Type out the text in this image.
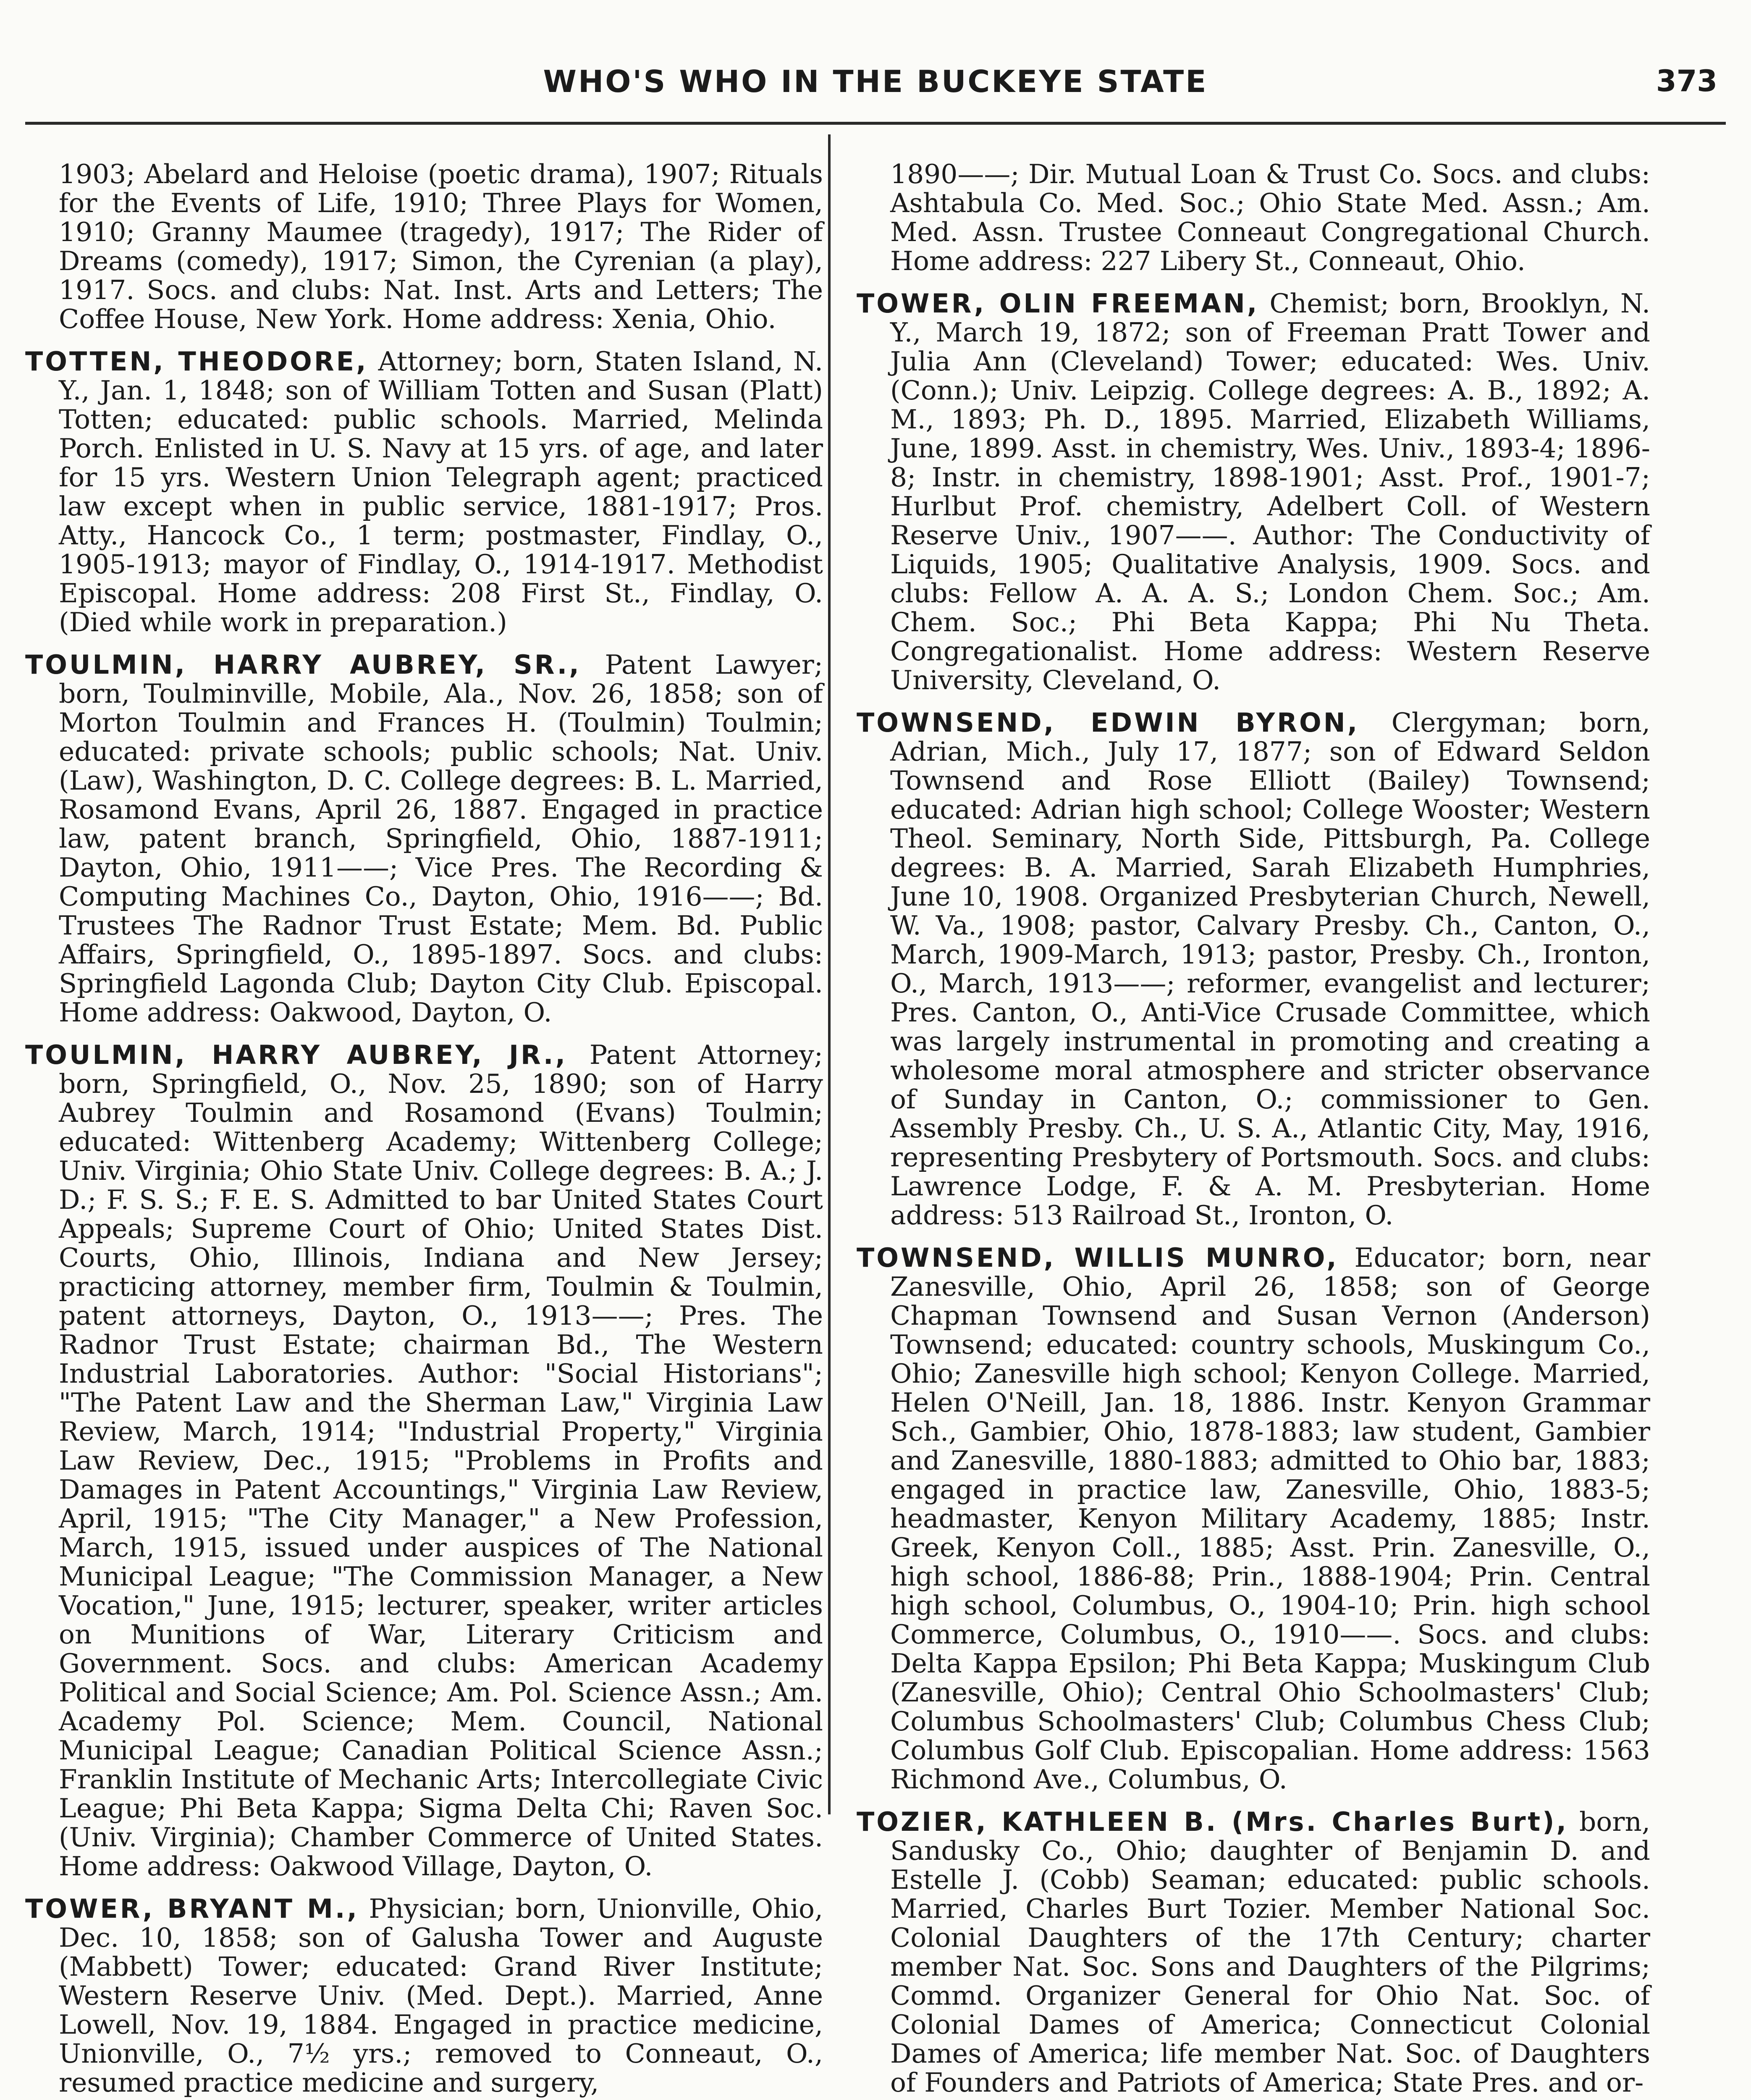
WHO'S WHO IN THE BUCKEYE STATE	373

1903; Abelard and Heloise (poetic drama), 1907; Rituals for the Events of Life, 1910; Three Plays for Women, 1910; Granny Maumee (tragedy), 1917; The Rider of Dreams (comedy), 1917; Simon, the Cyrenian (a play), 1917. Socs. and clubs: Nat. Inst. Arts and Letters; The Coffee House, New York. Home address: Xenia, Ohio.

TOTTEN, THEODORE, Attorney; born, Staten Island, N. Y., Jan. 1, 1848; son of William Totten and Susan (Platt) Totten; educated: public schools. Married, Melinda Porch. Enlisted in U. S. Navy at 15 yrs. of age, and later for 15 yrs. Western Union Telegraph agent; practiced law except when in public service, 1881-1917; Pros. Atty., Hancock Co., 1 term; postmaster, Findlay, O., 1905-1913; mayor of Findlay, O., 1914-1917. Methodist Episcopal. Home address: 208 First St., Findlay, O. (Died while work in preparation.)

TOULMIN, HARRY AUBREY, SR., Patent Lawyer; born, Toulminville, Mobile, Ala., Nov. 26, 1858; son of Morton Toulmin and Frances H. (Toulmin) Toulmin; educated: private schools; public schools; Nat. Univ. (Law), Washington, D. C. College degrees: B. L. Married, Rosamond Evans, April 26, 1887. Engaged in practice law, patent branch, Springfield, Ohio, 1887-1911; Dayton, Ohio, 1911——; Vice Pres. The Recording & Computing Machines Co., Dayton, Ohio, 1916——; Bd. Trustees The Radnor Trust Estate; Mem. Bd. Public Affairs, Springfield, O., 1895-1897. Socs. and clubs: Springfield Lagonda Club; Dayton City Club. Episcopal. Home address: Oakwood, Dayton, O.

TOULMIN, HARRY AUBREY, JR., Patent Attorney; born, Springfield, O., Nov. 25, 1890; son of Harry Aubrey Toulmin and Rosamond (Evans) Toulmin; educated: Wittenberg Academy; Wittenberg College; Univ. Virginia; Ohio State Univ. College degrees: B. A.; J. D.; F. S. S.; F. E. S. Admitted to bar United States Court Appeals; Supreme Court of Ohio; United States Dist. Courts, Ohio, Illinois, Indiana and New Jersey; practicing attorney, member firm, Toulmin & Toulmin, patent attorneys, Dayton, O., 1913——; Pres. The Radnor Trust Estate; chairman Bd., The Western Industrial Laboratories. Author: "Social Historians"; "The Patent Law and the Sherman Law," Virginia Law Review, March, 1914; "Industrial Property," Virginia Law Review, Dec., 1915; "Problems in Profits and Damages in Patent Accountings," Virginia Law Review, April, 1915; "The City Manager," a New Profession, March, 1915, issued under auspices of The National Municipal League; "The Commission Manager, a New Vocation," June, 1915; lecturer, speaker, writer articles on Munitions of War, Literary Criticism and Government. Socs. and clubs: American Academy Political and Social Science; Am. Pol. Science Assn.; Am. Academy Pol. Science; Mem. Council, National Municipal League; Canadian Political Science Assn.; Franklin Institute of Mechanic Arts; Intercollegiate Civic League; Phi Beta Kappa; Sigma Delta Chi; Raven Soc. (Univ. Virginia); Chamber Commerce of United States. Home address: Oakwood Village, Dayton, O.

TOWER, BRYANT M., Physician; born, Unionville, Ohio, Dec. 10, 1858; son of Galusha Tower and Auguste (Mabbett) Tower; educated: Grand River Institute; Western Reserve Univ. (Med. Dept.). Married, Anne Lowell, Nov. 19, 1884. Engaged in practice medicine, Unionville, O., 7½ yrs.; removed to Conneaut, O., resumed practice medicine and surgery,

1890——; Dir. Mutual Loan & Trust Co. Socs. and clubs: Ashtabula Co. Med. Soc.; Ohio State Med. Assn.; Am. Med. Assn. Trustee Conneaut Congregational Church. Home address: 227 Libery St., Conneaut, Ohio.

TOWER, OLIN FREEMAN, Chemist; born, Brooklyn, N. Y., March 19, 1872; son of Freeman Pratt Tower and Julia Ann (Cleveland) Tower; educated: Wes. Univ. (Conn.); Univ. Leipzig. College degrees: A. B., 1892; A. M., 1893; Ph. D., 1895. Married, Elizabeth Williams, June, 1899. Asst. in chemistry, Wes. Univ., 1893-4; 1896-8; Instr. in chemistry, 1898-1901; Asst. Prof., 1901-7; Hurlbut Prof. chemistry, Adelbert Coll. of Western Reserve Univ., 1907——. Author: The Conductivity of Liquids, 1905; Qualitative Analysis, 1909. Socs. and clubs: Fellow A. A. A. S.; London Chem. Soc.; Am. Chem. Soc.; Phi Beta Kappa; Phi Nu Theta. Congregationalist. Home address: Western Reserve University, Cleveland, O.

TOWNSEND, EDWIN BYRON, Clergyman; born, Adrian, Mich., July 17, 1877; son of Edward Seldon Townsend and Rose Elliott (Bailey) Townsend; educated: Adrian high school; College Wooster; Western Theol. Seminary, North Side, Pittsburgh, Pa. College degrees: B. A. Married, Sarah Elizabeth Humphries, June 10, 1908. Organized Presbyterian Church, Newell, W. Va., 1908; pastor, Calvary Presby. Ch., Canton, O., March, 1909-March, 1913; pastor, Presby. Ch., Ironton, O., March, 1913——; reformer, evangelist and lecturer; Pres. Canton, O., Anti-Vice Crusade Committee, which was largely instrumental in promoting and creating a wholesome moral atmosphere and stricter observance of Sunday in Canton, O.; commissioner to Gen. Assembly Presby. Ch., U. S. A., Atlantic City, May, 1916, representing Presbytery of Portsmouth. Socs. and clubs: Lawrence Lodge, F. & A. M. Presbyterian. Home address: 513 Railroad St., Ironton, O.

TOWNSEND, WILLIS MUNRO, Educator; born, near Zanesville, Ohio, April 26, 1858; son of George Chapman Townsend and Susan Vernon (Anderson) Townsend; educated: country schools, Muskingum Co., Ohio; Zanesville high school; Kenyon College. Married, Helen O'Neill, Jan. 18, 1886. Instr. Kenyon Grammar Sch., Gambier, Ohio, 1878-1883; law student, Gambier and Zanesville, 1880-1883; admitted to Ohio bar, 1883; engaged in practice law, Zanesville, Ohio, 1883-5; headmaster, Kenyon Military Academy, 1885; Instr. Greek, Kenyon Coll., 1885; Asst. Prin. Zanesville, O., high school, 1886-88; Prin., 1888-1904; Prin. Central high school, Columbus, O., 1904-10; Prin. high school Commerce, Columbus, O., 1910——. Socs. and clubs: Delta Kappa Epsilon; Phi Beta Kappa; Muskingum Club (Zanesville, Ohio); Central Ohio Schoolmasters' Club; Columbus Schoolmasters' Club; Columbus Chess Club; Columbus Golf Club. Episcopalian. Home address: 1563 Richmond Ave., Columbus, O.

TOZIER, KATHLEEN B. (Mrs. Charles Burt), born, Sandusky Co., Ohio; daughter of Benjamin D. and Estelle J. (Cobb) Seaman; educated: public schools. Married, Charles Burt Tozier. Member National Soc. Colonial Daughters of the 17th Century; charter member Nat. Soc. Sons and Daughters of the Pilgrims; Commd. Organizer General for Ohio Nat. Soc. of Colonial Dames of America; Connecticut Colonial Dames of America; life member Nat. Soc. of Daughters of Founders and Patriots of America; State Pres. and or-
